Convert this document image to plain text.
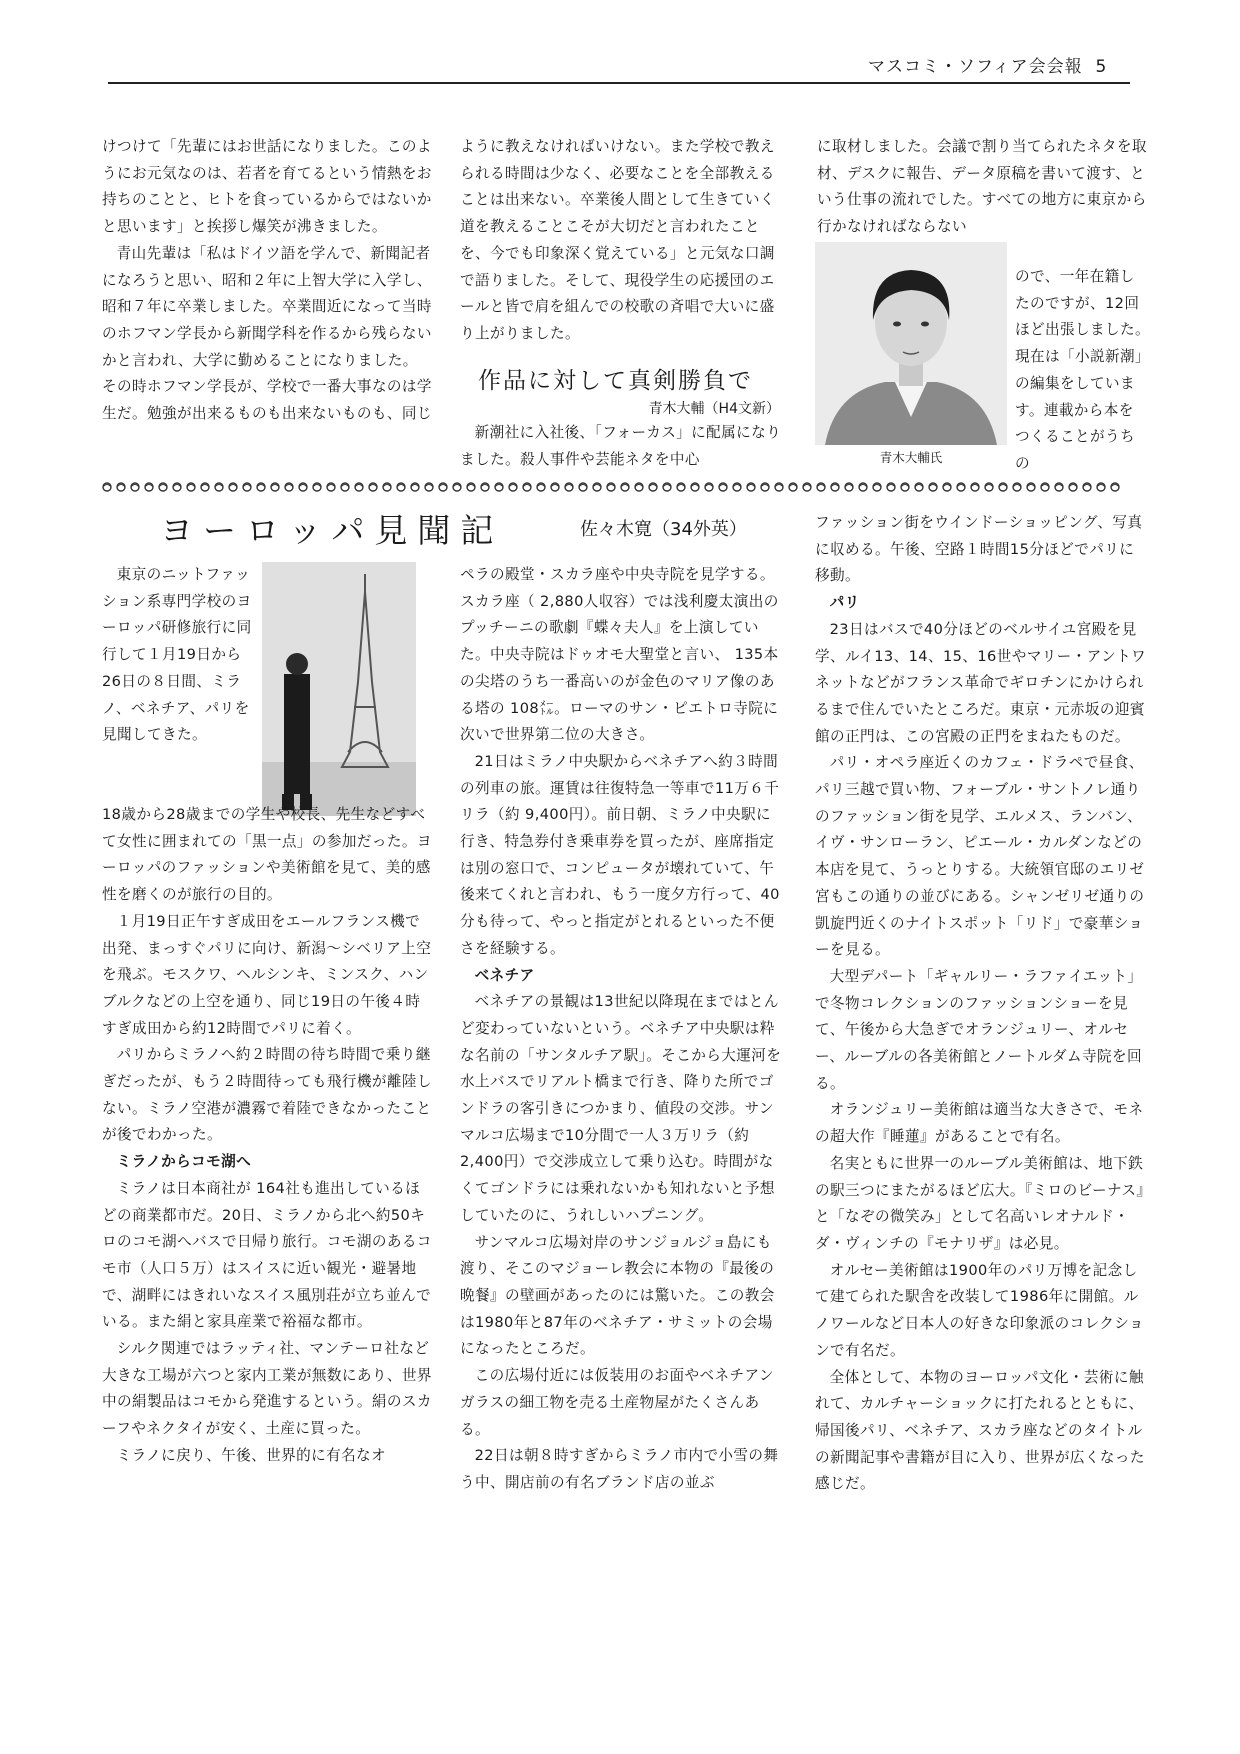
マスコミ・ソフィア会会報 5

けつけて「先輩にはお世話になりました。このようにお元気なのは、若者を育てるという情熱をお持ちのことと、ヒトを食っているからではないかと思います」と挨拶し爆笑が沸きました。

青山先輩は「私はドイツ語を学んで、新聞記者になろうと思い、昭和２年に上智大学に入学し、昭和７年に卒業しました。卒業間近になって当時のホフマン学長から新聞学科を作るから残らないかと言われ、大学に勤めることになりました。その時ホフマン学長が、学校で一番大事なのは学生だ。勉強が出来るものも出来ないものも、同じ

ように教えなければいけない。また学校で教えられる時間は少なく、必要なことを全部教えることは出来ない。卒業後人間として生きていく道を教えることこそが大切だと言われたことを、今でも印象深く覚えている」と元気な口調で語りました。そして、現役学生の応援団のエールと皆で肩を組んでの校歌の斉唱で大いに盛り上がりました。

作品に対して真剣勝負で
青木大輔（H4文新）

新潮社に入社後、「フォーカス」に配属になりました。殺人事件や芸能ネタを中心

に取材しました。会議で割り当てられたネタを取材、デスクに報告、データ原稿を書いて渡す、という仕事の流れでした。すべての地方に東京から行かなければならない

青木大輔氏

ので、一年在籍したのですが、12回ほど出張しました。　現在は「小説新潮」の編集をしています。連載から本をつくることがうちの

ヨーロッパ見聞記	佐々木寛（34外英）

東京のニットファッション系専門学校のヨーロッパ研修旅行に同行して１月19日から26日の８日間、ミラノ、ベネチア、パリを見聞してきた。

18歳から28歳までの学生や校長、先生などすべて女性に囲まれての「黒一点」の参加だった。ヨーロッパのファッションや美術館を見て、美的感性を磨くのが旅行の目的。

１月19日正午すぎ成田をエールフランス機で出発、まっすぐパリに向け、新潟～シベリア上空を飛ぶ。モスクワ、ヘルシンキ、ミンスク、ハンブルクなどの上空を通り、同じ19日の午後４時すぎ成田から約12時間でパリに着く。

パリからミラノへ約２時間の待ち時間で乗り継ぎだったが、もう２時間待っても飛行機が離陸しない。ミラノ空港が濃霧で着陸できなかったことが後でわかった。

ミラノからコモ湖へ

ミラノは日本商社が 164社も進出しているほどの商業都市だ。20日、ミラノから北へ約50キロのコモ湖へバスで日帰り旅行。コモ湖のあるコモ市（人口５万）はスイスに近い観光・避暑地で、湖畔にはきれいなスイス風別荘が立ち並んでいる。また絹と家具産業で裕福な都市。

シルク関連ではラッティ社、マンテーロ社など大きな工場が六つと家内工業が無数にあり、世界中の絹製品はコモから発進するという。絹のスカーフやネクタイが安く、土産に買った。

ミラノに戻り、午後、世界的に有名なオ

ペラの殿堂・スカラ座や中央寺院を見学する。スカラ座（ 2,880人収容）では浅利慶太演出のプッチーニの歌劇『蝶々夫人』を上演していた。中央寺院はドゥオモ大聖堂と言い、 135本の尖塔のうち一番高いのが金色のマリア像のある塔の 108㍍。ローマのサン・ピエトロ寺院に次いで世界第二位の大きさ。

21日はミラノ中央駅からベネチアへ約３時間の列車の旅。運賃は往復特急一等車で11万６千リラ（約 9,400円）。前日朝、ミラノ中央駅に行き、特急券付き乗車券を買ったが、座席指定は別の窓口で、コンピュータが壊れていて、午後来てくれと言われ、もう一度夕方行って、40分も待って、やっと指定がとれるといった不便さを経験する。

ベネチア

ベネチアの景観は13世紀以降現在まではとんど変わっていないという。ベネチア中央駅は粋な名前の「サンタルチア駅」。そこから大運河を水上バスでリアルト橋まで行き、降りた所でゴンドラの客引きにつかまり、値段の交渉。サンマルコ広場まで10分間で一人３万リラ（約 2,400円）で交渉成立して乗り込む。時間がなくてゴンドラには乗れないかも知れないと予想していたのに、うれしいハプニング。

サンマルコ広場対岸のサンジョルジョ島にも渡り、そこのマジョーレ教会に本物の『最後の晩餐』の壁画があったのには驚いた。この教会は1980年と87年のベネチア・サミットの会場になったところだ。

この広場付近には仮装用のお面やベネチアンガラスの細工物を売る土産物屋がたくさんある。

22日は朝８時すぎからミラノ市内で小雪の舞う中、開店前の有名ブランド店の並ぶ

ファッション街をウインドーショッピング、写真に収める。午後、空路１時間15分ほどでパリに移動。

パリ

23日はバスで40分ほどのベルサイユ宮殿を見学、ルイ13、14、15、16世やマリー・アントワネットなどがフランス革命でギロチンにかけられるまで住んでいたところだ。東京・元赤坂の迎賓館の正門は、この宮殿の正門をまねたものだ。

パリ・オペラ座近くのカフェ・ドラペで昼食、パリ三越で買い物、フォーブル・サントノレ通りのファッション街を見学、エルメス、ランバン、イヴ・サンローラン、ピエール・カルダンなどの本店を見て、うっとりする。大統領官邸のエリゼ宮もこの通りの並びにある。シャンゼリゼ通りの凱旋門近くのナイトスポット「リド」で豪華ショーを見る。

大型デパート「ギャルリー・ラファイエット」で冬物コレクションのファッションショーを見て、午後から大急ぎでオランジュリー、オルセー、ルーブルの各美術館とノートルダム寺院を回る。

オランジュリー美術館は適当な大きさで、モネの超大作『睡蓮』があることで有名。

名実ともに世界一のルーブル美術館は、地下鉄の駅三つにまたがるほど広大。『ミロのビーナス』と「なぞの微笑み」として名高いレオナルド・ダ・ヴィンチの『モナリザ』は必見。

オルセー美術館は1900年のパリ万博を記念して建てられた駅舎を改装して1986年に開館。ルノワールなど日本人の好きな印象派のコレクションで有名だ。

全体として、本物のヨーロッパ文化・芸術に触れて、カルチャーショックに打たれるとともに、帰国後パリ、ベネチア、スカラ座などのタイトルの新聞記事や書籍が目に入り、世界が広くなった感じだ。
